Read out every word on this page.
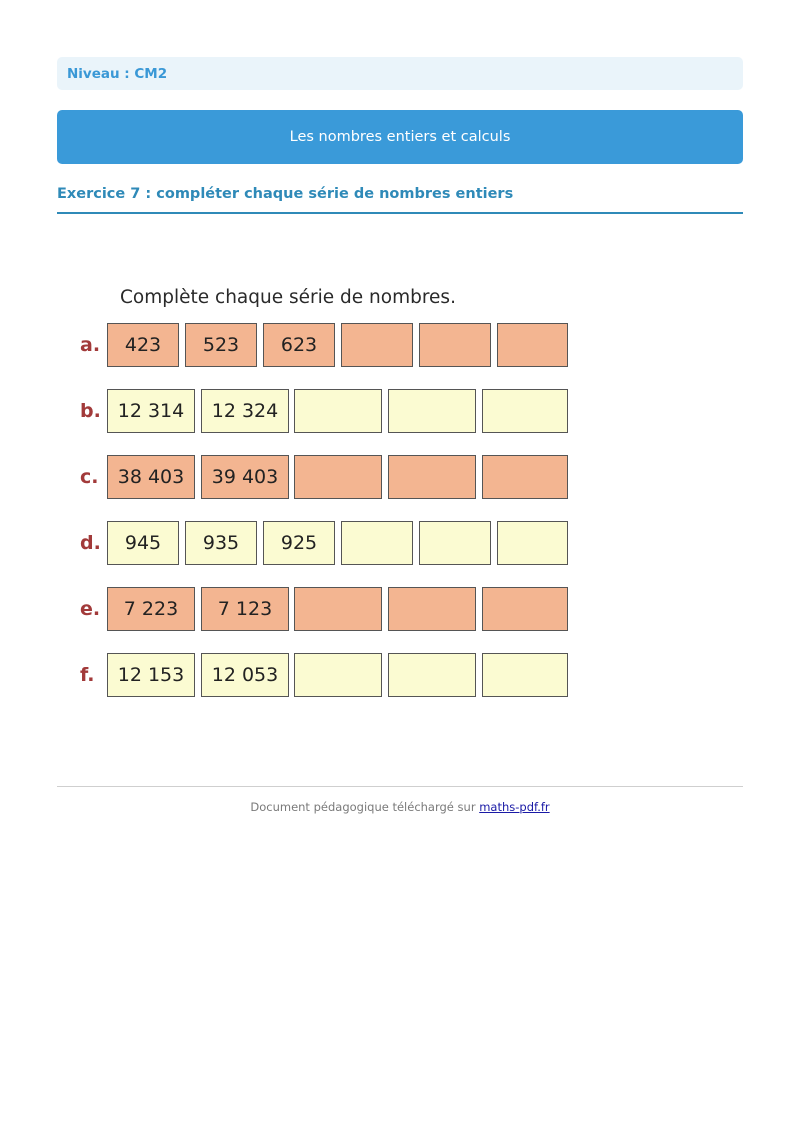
Niveau : CM2
Les nombres entiers et calculs
Exercice 7 : compléter chaque série de nombres entiers
Complète chaque série de nombres.
a.	423	523	623
b. 12 314	12 324
c.	38 403	39 403
d.	945	935	925
e.	7 223	7 123
f.	12 153	12 053
Document pédagogique téléchargé sur maths-pdf.fr
